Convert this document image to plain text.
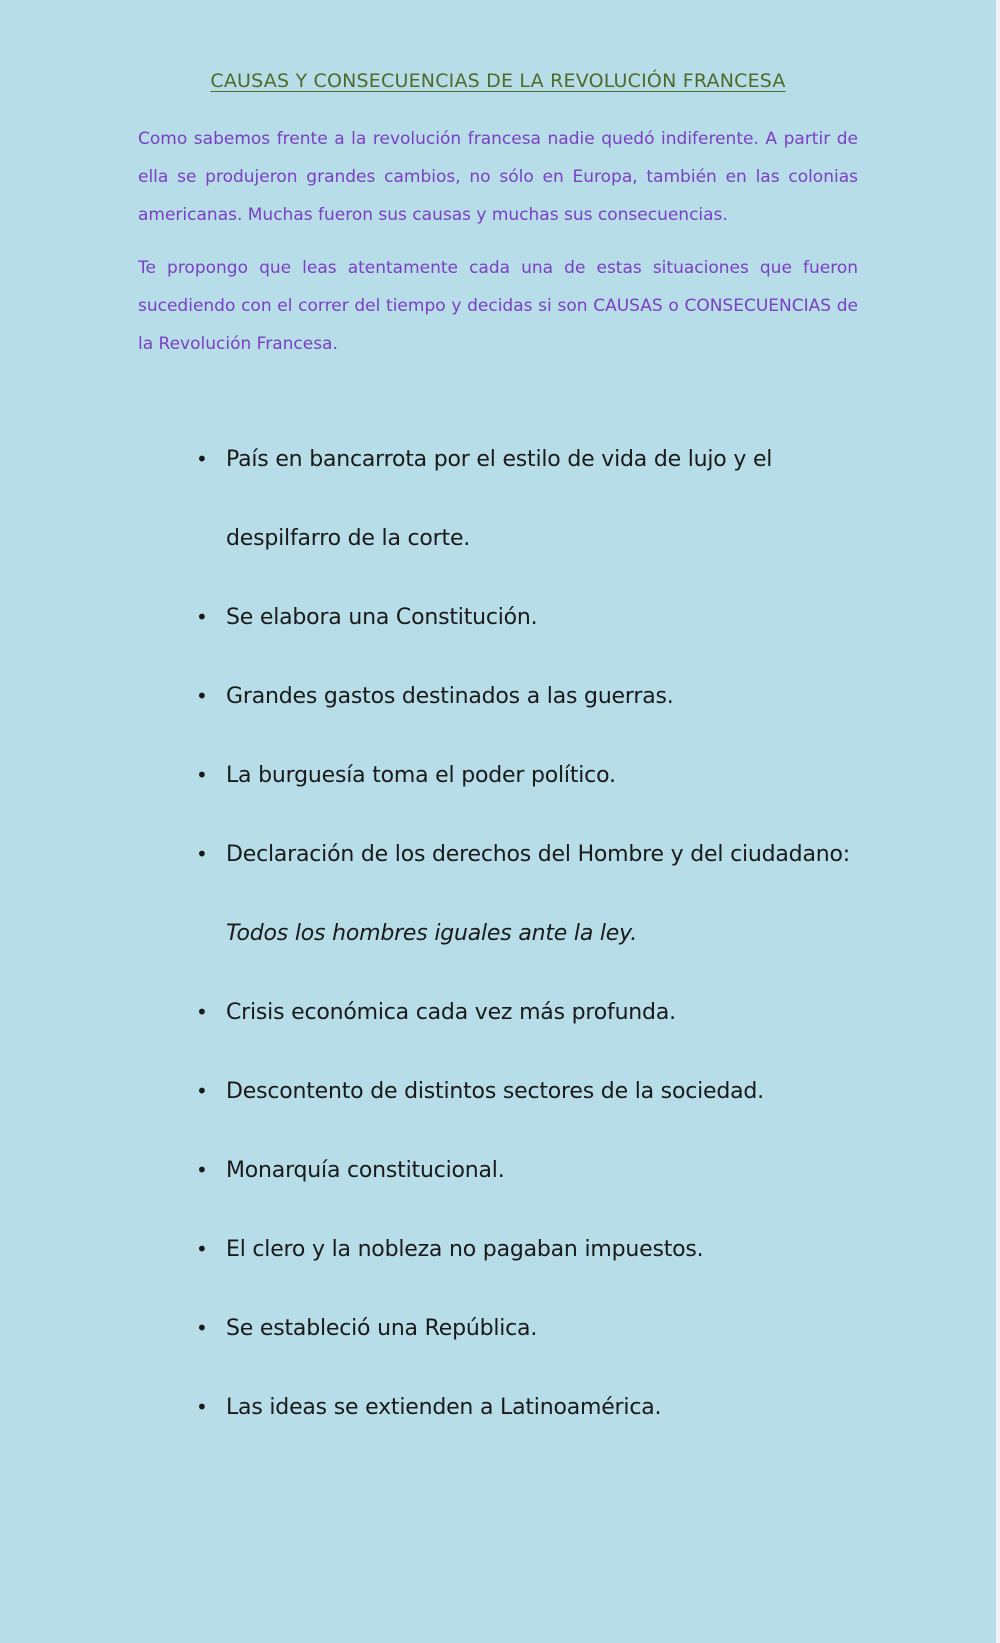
CAUSAS Y CONSECUENCIAS DE LA REVOLUCIÓN FRANCESA

Como sabemos frente a la revolución francesa nadie quedó indiferente. A partir de ella se produjeron grandes cambios, no sólo en Europa, también en las colonias americanas. Muchas fueron sus causas y muchas sus consecuencias.

Te propongo que leas atentamente cada una de estas situaciones que fueron sucediendo con el correr del tiempo y decidas si son CAUSAS o CONSECUENCIAS de la Revolución Francesa.

• País en bancarrota por el estilo de vida de lujo y el
despilfarro de la corte.
• Se elabora una Constitución.
• Grandes gastos destinados a las guerras.
• La burguesía toma el poder político.
• Declaración de los derechos del Hombre y del ciudadano:
Todos los hombres iguales ante la ley.
• Crisis económica cada vez más profunda.
• Descontento de distintos sectores de la sociedad.
• Monarquía constitucional.
• El clero y la nobleza no pagaban impuestos.
• Se estableció una República.
• Las ideas se extienden a Latinoamérica.
